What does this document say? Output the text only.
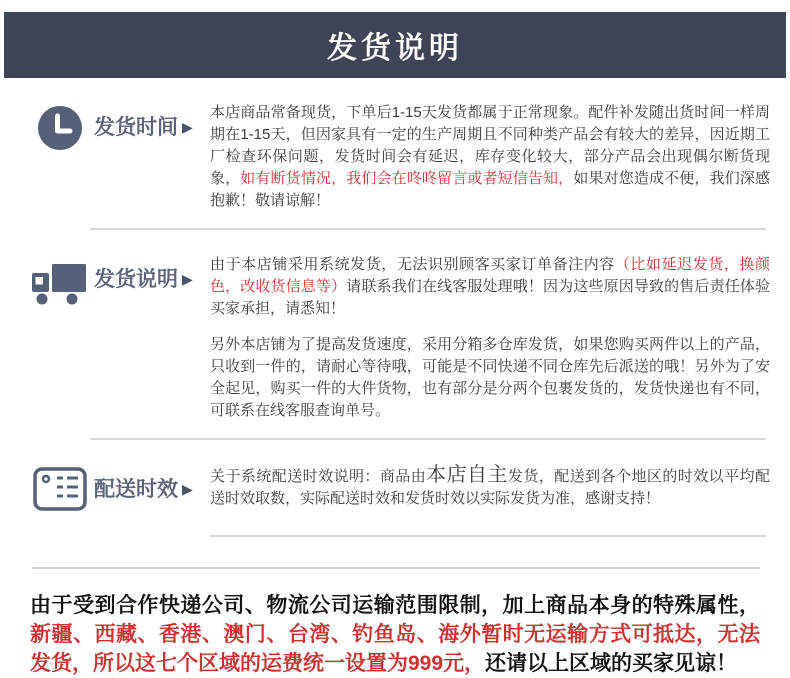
发货说明
发货时间 ▶

本店商品常备现货，下单后1-15天发货都属于正常现象。配件补发随出货时间一样周期在1-15天，但因家具有一定的生产周期且不同种类产品会有较大的差异，因近期工厂检查环保问题，发货时间会有延迟，库存变化较大，部分产品会出现偶尔断货现象，如有断货情况，我们会在咚咚留言或者短信告知，如果对您造成不便，我们深感抱歉！敬请谅解！

发货说明 ▶

由于本店铺采用系统发货，无法识别顾客买家订单备注内容（比如延迟发货，换颜色，改收货信息等）请联系我们在线客服处理哦！因为这些原因导致的售后责任体验买家承担，请悉知！

另外本店铺为了提高发货速度，采用分箱多仓库发货，如果您购买两件以上的产品，只收到一件的，请耐心等待哦，可能是不同快递不同仓库先后派送的哦！另外为了安全起见，购买一件的大件货物，也有部分是分两个包裹发货的，发货快递也有不同，可联系在线客服查询单号。

配送时效 ▶

关于系统配送时效说明：商品由本店自主发货，配送到各个地区的时效以平均配送时效取数，实际配送时效和发货时效以实际发货为准，感谢支持！

由于受到合作快递公司、物流公司运输范围限制，加上商品本身的特殊属性，新疆、西藏、香港、澳门、台湾、钓鱼岛、海外暂时无运输方式可抵达，无法发货，所以这七个区域的运费统一设置为999元，还请以上区域的买家见谅！
